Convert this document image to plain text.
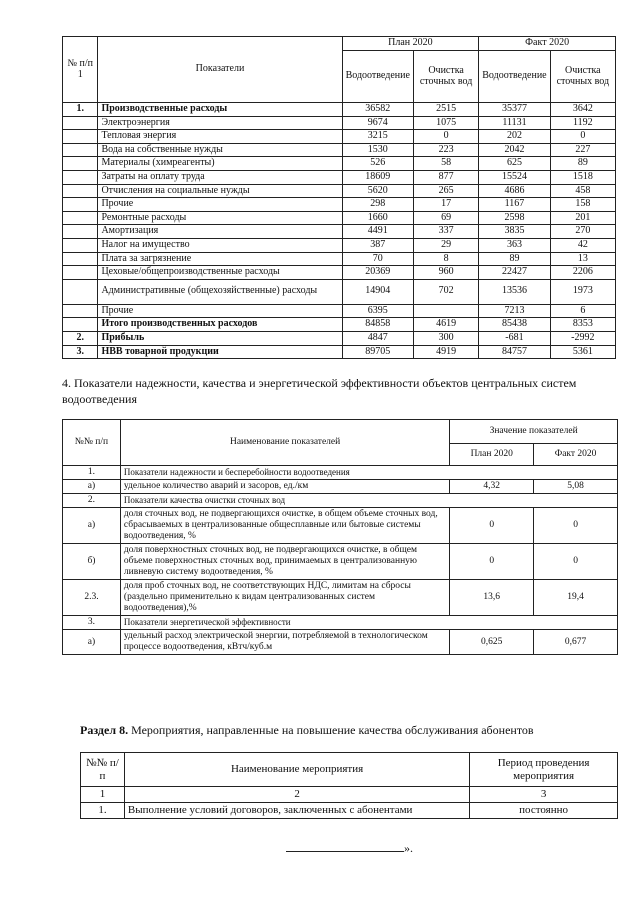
№ п/п 1	Показатели	План 2020		Факт 2020	
		Водоотведение	Очистка сточных вод	Водоотведение	Очистка сточных вод
1.	Производственные расходы	36582	2515	35377	3642
	Электроэнергия	9674	1075	11131	1192
	Тепловая энергия	3215	0	202	0
	Вода на собственные нужды	1530	223	2042	227
	Материалы (химреагенты)	526	58	625	89
	Затраты на оплату труда	18609	877	15524	1518
	Отчисления на социальные нужды	5620	265	4686	458
	Прочие	298	17	1167	158
	Ремонтные расходы	1660	69	2598	201
	Амортизация	4491	337	3835	270
	Налог на имущество	387	29	363	42
	Плата за загрязнение	70	8	89	13
	Цеховые/общепроизводственные расходы	20369	960	22427	2206
	Административные (общехозяйственные) расходы	14904	702	13536	1973
	Прочие	6395		7213	6
	Итого производственных расходов	84858	4619	85438	8353
2.	Прибыль	4847	300	-681	-2992
3.	НВВ товарной продукции	89705	4919	84757	5361
4. Показатели надежности, качества и энергетической эффективности объектов центральных систем водоотведения
№№ п/п	Наименование показателей	Значение показателей	
		План 2020	Факт 2020
1.	Показатели надежности и бесперебойности водоотведения		
а)	удельное количество аварий и засоров, ед./км	4,32	5,08
2.	Показатели качества очистки сточных вод		
а)	доля сточных вод, не подвергающихся очистке, в общем объеме сточных вод, сбрасываемых в централизованные общесплавные или бытовые системы водоотведения, %	0	0
б)	доля поверхностных сточных вод, не подвергающихся очистке, в общем объеме поверхностных сточных вод, принимаемых в централизованную ливневую систему водоотведения, %	0	0
2.3.	доля проб сточных вод, не соответствующих НДС, лимитам на сбросы (раздельно применительно к видам централизованных систем водоотведения),%	13,6	19,4
3.	Показатели энергетической эффективности		
а)	удельный расход электрической энергии, потребляемой в технологическом процессе водоотведения, кВтч/куб.м	0,625	0,677
Раздел 8. Мероприятия, направленные на повышение качества обслуживания абонентов
№№ п/п	Наименование мероприятия	Период проведения мероприятия
1	2	3
1.	Выполнение условий договоров, заключенных с абонентами	постоянно
».
